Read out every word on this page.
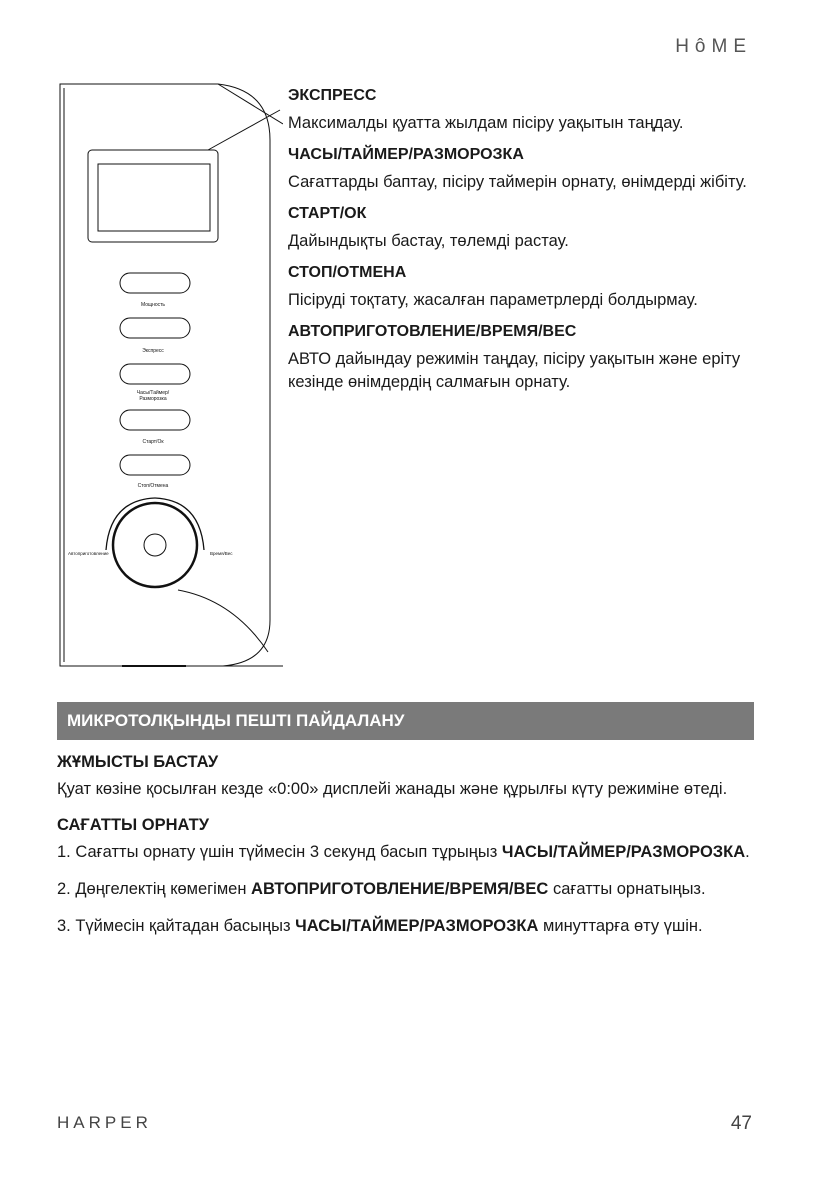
HôME
Мощность
Экспресс
Часы/Таймер/
Разморозка
Старт/Ок
Стоп/Отмена
Автоприготовление	Время/Вес

ЭКСПРЕСС

Максималды қуатта жылдам пісіру уақытын таңдау.

ЧАСЫ/ТАЙМЕР/РАЗМОРОЗКА

Сағаттарды баптау, пісіру таймерін орнату, өнімдерді жібіту.

СТАРТ/ОК

Дайындықты бастау, төлемді растау.

СТОП/ОТМЕНА

Пісіруді тоқтату, жасалған параметрлерді болдырмау.

АВТОПРИГОТОВЛЕНИЕ/ВРЕМЯ/ВЕС

АВТО дайындау режимін таңдау, пісіру уақытын және еріту кезінде өнімдердің салмағын орнату.

МИКРОТОЛҚЫНДЫ ПЕШТІ ПАЙДАЛАНУ

ЖҰМЫСТЫ БАСТАУ

Қуат көзіне қосылған кезде «0:00» дисплейі жанады және құрылғы күту режиміне өтеді.

САҒАТТЫ ОРНАТУ

1. Сағатты орнату үшін түймесін 3 секунд басып тұрыңыз ЧАСЫ/ТАЙМЕР/РАЗМОРОЗКА.

2. Дөңгелектің көмегімен АВТОПРИГОТОВЛЕНИЕ/ВРЕМЯ/ВЕС сағатты орнатыңыз.

3. Түймесін қайтадан басыңыз ЧАСЫ/ТАЙМЕР/РАЗМОРОЗКА минуттарға өту үшін.

HARPER	47
